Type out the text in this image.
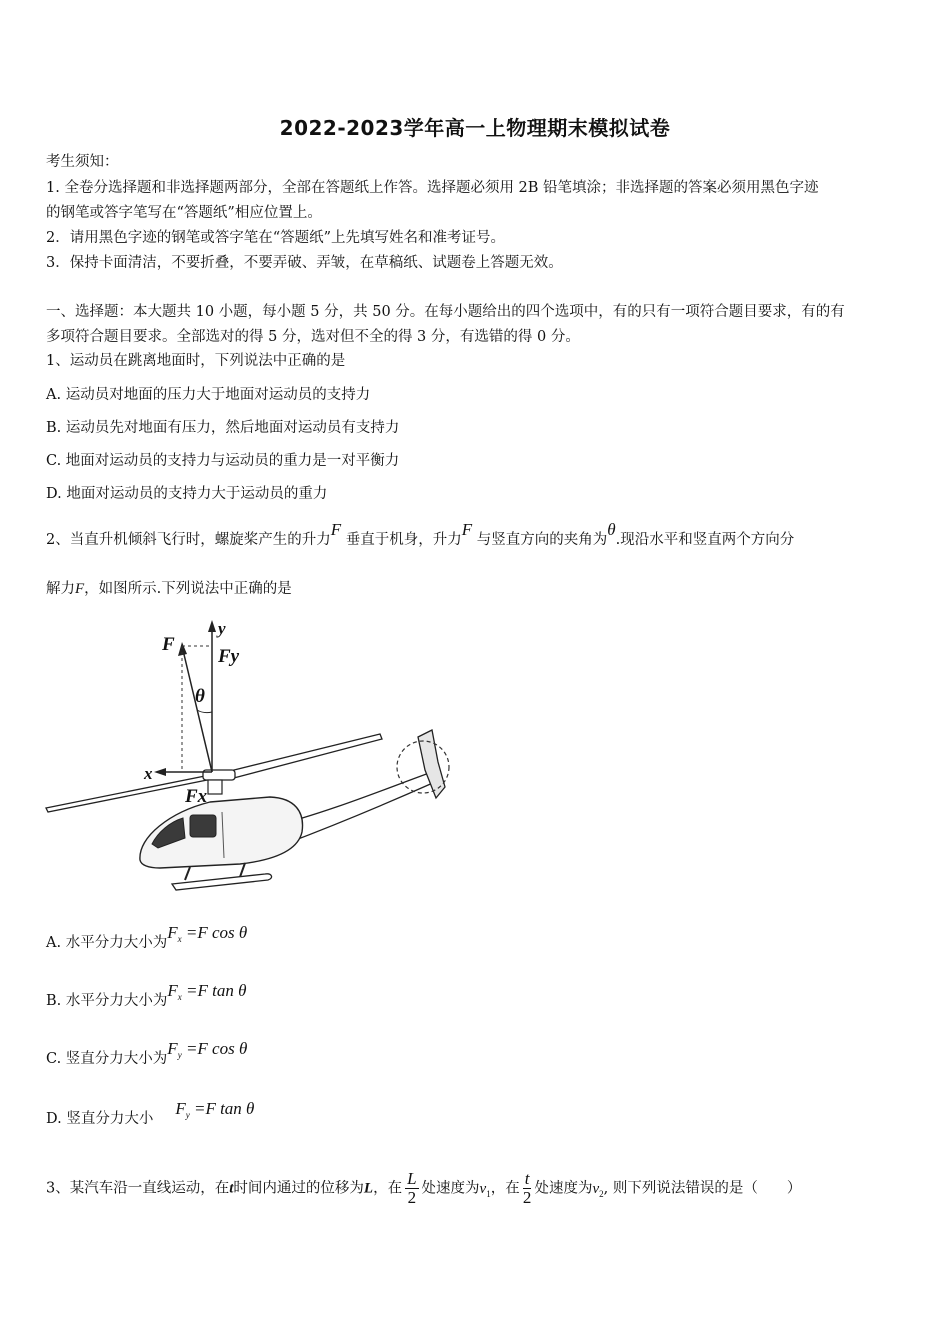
2022-2023学年高一上物理期末模拟试卷
考生须知：
1. 全卷分选择题和非选择题两部分，全部在答题纸上作答。选择题必须用 2B 铅笔填涂；非选择题的答案必须用黑色字迹
的钢笔或答字笔写在“答题纸”相应位置上。
2．请用黑色字迹的钢笔或答字笔在“答题纸”上先填写姓名和准考证号。
3．保持卡面清洁，不要折叠，不要弄破、弄皱，在草稿纸、试题卷上答题无效。
一、选择题：本大题共 10 小题，每小题 5 分，共 50 分。在每小题给出的四个选项中，有的只有一项符合题目要求，有的有
多项符合题目要求。全部选对的得 5 分，选对但不全的得 3 分，有选错的得 0 分。
1、运动员在跳离地面时，下列说法中正确的是
A. 运动员对地面的压力大于地面对运动员的支持力
B. 运动员先对地面有压力，然后地面对运动员有支持力
C. 地面对运动员的支持力与运动员的重力是一对平衡力
D. 地面对运动员的支持力大于运动员的重力
2、当直升机倾斜飞行时，螺旋桨产生的升力F 垂直于机身，升力F 与竖直方向的夹角为θ.现沿水平和竖直两个方向分
解力F，如图所示.下列说法中正确的是
F
y
Fy
θ
x
Fx
A. 水平分力大小为$F_x =F$ cos θ
B. 水平分力大小为$F_x =F$ tan θ
C. 竖直分力大小为$F_y =F$ cos θ
D. 竖直分力大小$F_y =F$ tan θ
3、某汽车沿一直线运动，在t时间内通过的位移为L，在 $\frac{L}{2}$ 处速度为$v_1$，在 $\frac{t}{2}$ 处速度为$v_2$, 则下列说法错误的是（　　）
